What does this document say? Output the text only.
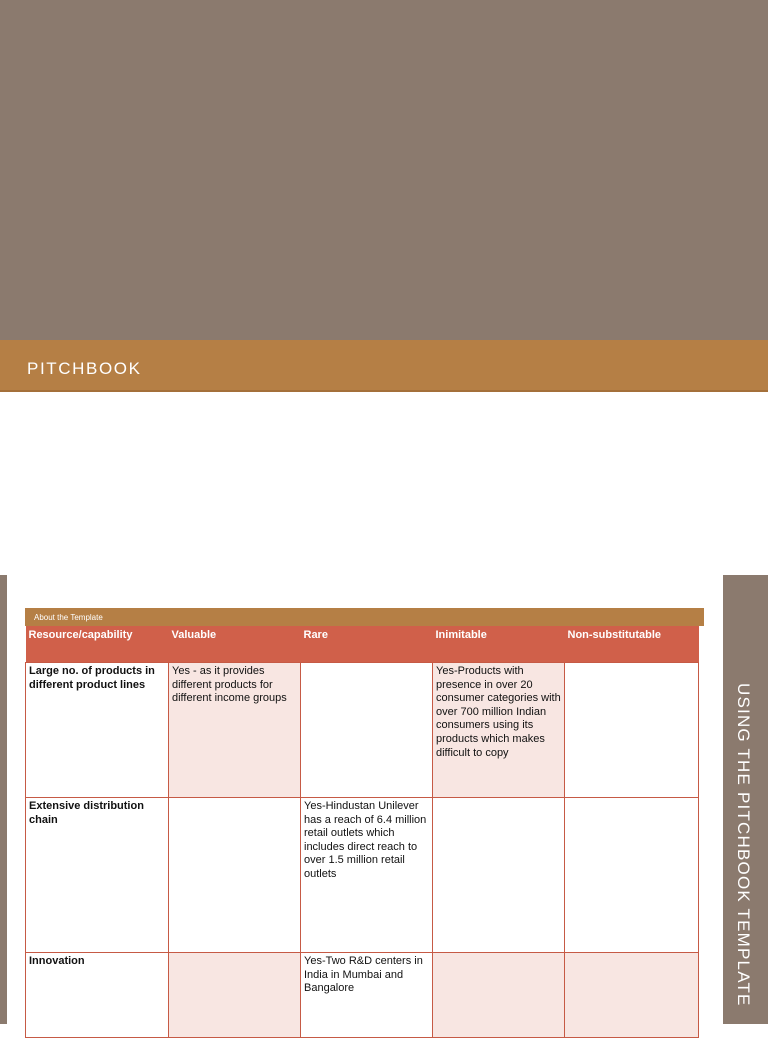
PITCHBOOK
USING THE PITCHBOOK TEMPLATE
About the Template
Resource/capability	Valuable	Rare	Inimitable	Non-substitutable
Large no. of products in different product lines	Yes - as it provides different products for different income groups		Yes-Products with presence in over 20 consumer categories with over 700 million Indian consumers using its products which makes difficult to copy	
Extensive distribution chain		Yes-Hindustan Unilever has a reach of 6.4 million retail outlets which includes direct reach to over 1.5 million retail outlets		
Innovation		Yes-Two R&D centers in India in Mumbai and Bangalore		
